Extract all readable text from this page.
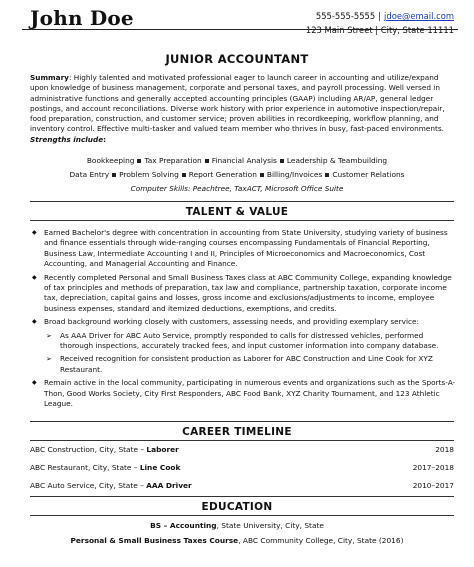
John Doe	555-555-5555 | jdoe@email.com
123 Main Street | City, State 11111
JUNIOR ACCOUNTANT
Summary: Highly talented and motivated professional eager to launch career in accounting and utilize/expand upon knowledge of business management, corporate and personal taxes, and payroll processing. Well versed in administrative functions and generally accepted accounting principles (GAAP) including AR/AP, general ledger postings, and account reconciliations. Diverse work history with prior experience in automotive inspection/repair, food preparation, construction, and customer service; proven abilities in recordkeeping, workflow planning, and inventory control. Effective multi-tasker and valued team member who thrives in busy, fast-paced environments. Strengths include:
Bookkeeping Tax Preparation Financial Analysis Leadership & Teambuilding
Data Entry Problem Solving Report Generation Billing/Invoices Customer Relations
Computer Skills: Peachtree, TaxACT, Microsoft Office Suite
TALENT & VALUE
◆ Earned Bachelor's degree with concentration in accounting from State University, studying variety of business and finance essentials through wide-ranging courses encompassing Fundamentals of Financial Reporting, Business Law, Intermediate Accounting I and II, Principles of Microeconomics and Macroeconomics, Cost Accounting, and Managerial Accounting and Finance.
◆ Recently completed Personal and Small Business Taxes class at ABC Community College, expanding knowledge of tax principles and methods of preparation, tax law and compliance, partnership taxation, corporate income tax, depreciation, capital gains and losses, gross income and exclusions/adjustments to income, employee business expenses, standard and itemized deductions, exemptions, and credits.
◆ Broad background working closely with customers, assessing needs, and providing exemplary service:
➢ As AAA Driver for ABC Auto Service, promptly responded to calls for distressed vehicles, performed thorough inspections, accurately tracked fees, and input customer information into company database.
➢ Received recognition for consistent production as Laborer for ABC Construction and Line Cook for XYZ Restaurant.
◆ Remain active in the local community, participating in numerous events and organizations such as the Sports-A-Thon, Good Works Society, City First Responders, ABC Food Bank, XYZ Charity Tournament, and 123 Athletic League.
CAREER TIMELINE
ABC Construction, City, State – Laborer	2018
ABC Restaurant, City, State – Line Cook	2017–2018
ABC Auto Service, City, State – AAA Driver	2010–2017
EDUCATION
BS – Accounting, State University, City, State
Personal & Small Business Taxes Course, ABC Community College, City, State (2016)
